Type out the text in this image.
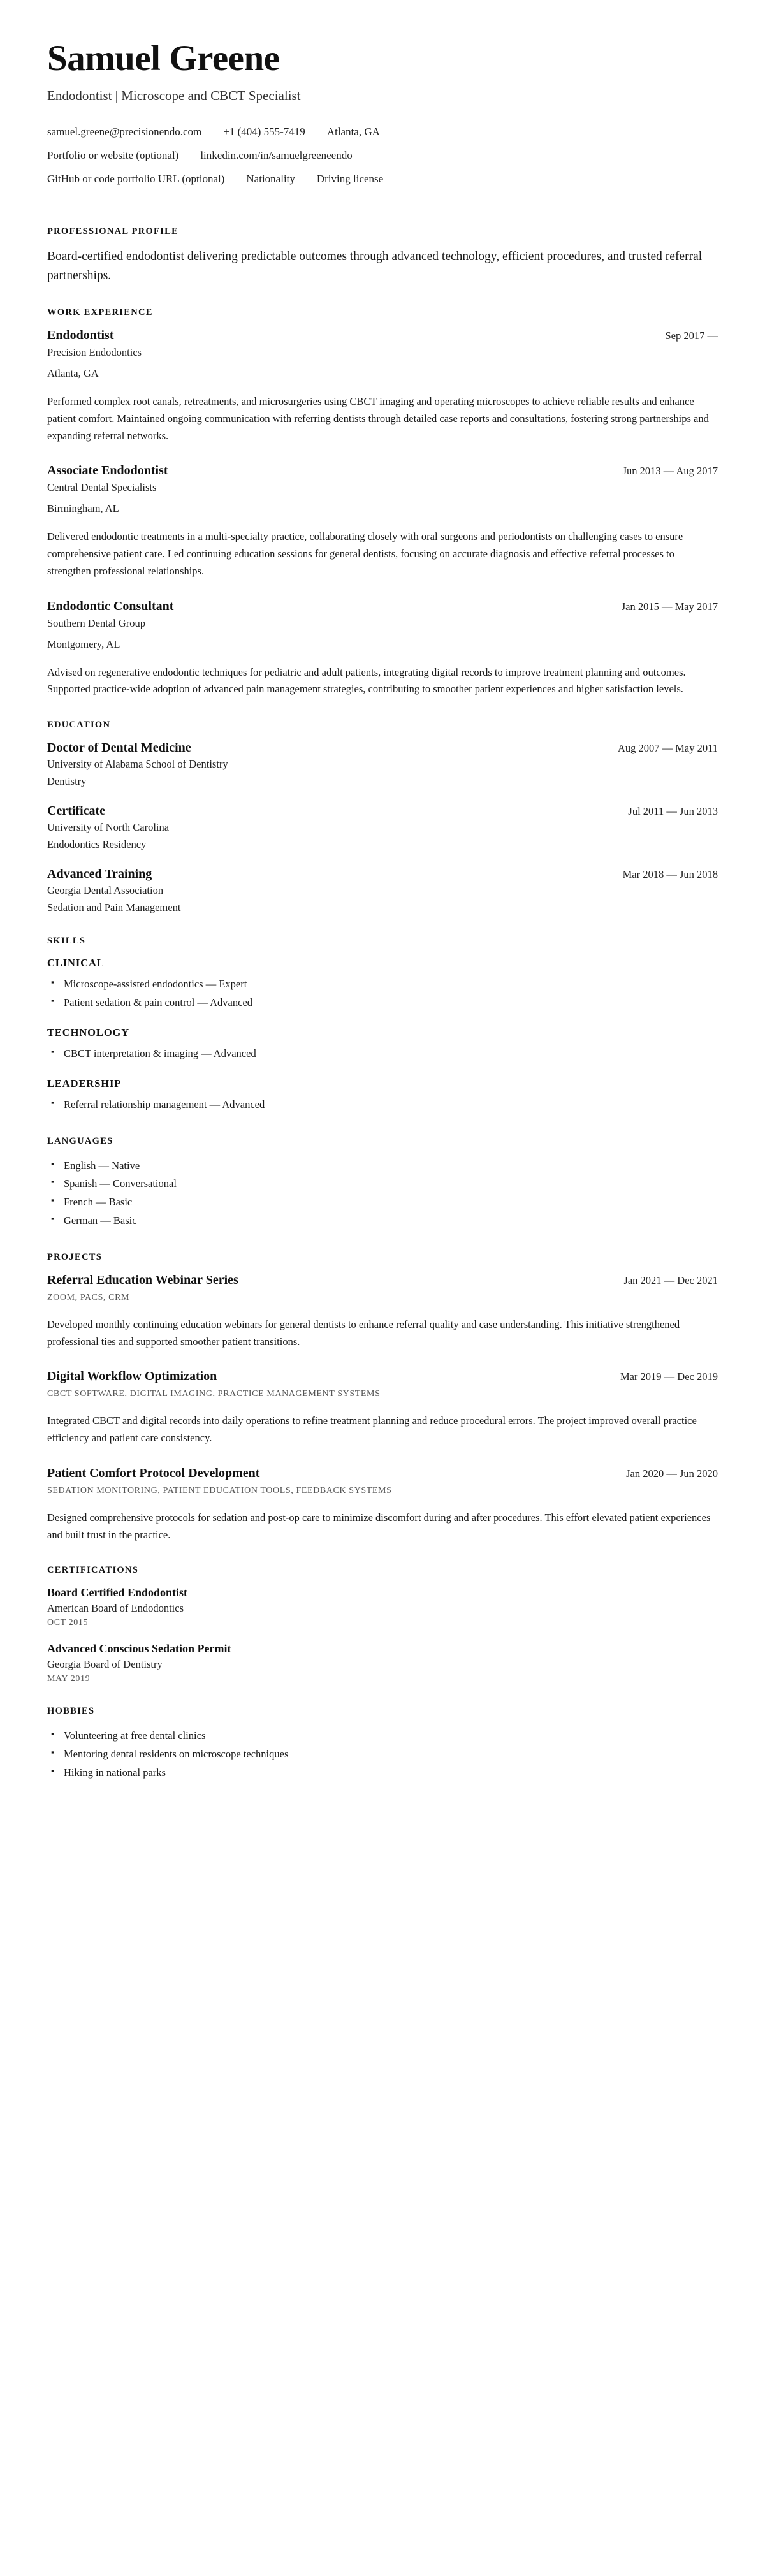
Samuel Greene
Endodontist | Microscope and CBCT Specialist
samuel.greene@precisionendo.com +1 (404) 555-7419 Atlanta, GA
Portfolio or website (optional) linkedin.com/in/samuelgreeneendo
GitHub or code portfolio URL (optional) Nationality Driving license
PROFESSIONAL PROFILE

Board-certified endodontist delivering predictable outcomes through advanced technology, efficient procedures, and trusted referral partnerships.

WORK EXPERIENCE
Endodontist	Sep 2017 —
Precision Endodontics
Atlanta, GA
Performed complex root canals, retreatments, and microsurgeries using CBCT imaging and operating microscopes to achieve reliable results and enhance patient comfort. Maintained ongoing communication with referring dentists through detailed case reports and consultations, fostering strong partnerships and expanding referral networks.
Associate Endodontist	Jun 2013 — Aug 2017
Central Dental Specialists
Birmingham, AL
Delivered endodontic treatments in a multi-specialty practice, collaborating closely with oral surgeons and periodontists on challenging cases to ensure comprehensive patient care. Led continuing education sessions for general dentists, focusing on accurate diagnosis and effective referral processes to strengthen professional relationships.
Endodontic Consultant	Jan 2015 — May 2017
Southern Dental Group
Montgomery, AL
Advised on regenerative endodontic techniques for pediatric and adult patients, integrating digital records to improve treatment planning and outcomes. Supported practice-wide adoption of advanced pain management strategies, contributing to smoother patient experiences and higher satisfaction levels.
EDUCATION
Doctor of Dental Medicine	Aug 2007 — May 2011
University of Alabama School of Dentistry
Dentistry
Certificate	Jul 2011 — Jun 2013
University of North Carolina
Endodontics Residency
Advanced Training	Mar 2018 — Jun 2018
Georgia Dental Association
Sedation and Pain Management
SKILLS
CLINICAL
▪ Microscope-assisted endodontics — Expert
▪ Patient sedation & pain control — Advanced
TECHNOLOGY
▪ CBCT interpretation & imaging — Advanced
LEADERSHIP
▪ Referral relationship management — Advanced
LANGUAGES
▪ English — Native
▪ Spanish — Conversational
▪ French — Basic
▪ German — Basic
PROJECTS
Referral Education Webinar Series	Jan 2021 — Dec 2021
ZOOM, PACS, CRM
Developed monthly continuing education webinars for general dentists to enhance referral quality and case understanding. This initiative strengthened professional ties and supported smoother patient transitions.
Digital Workflow Optimization	Mar 2019 — Dec 2019
CBCT SOFTWARE, DIGITAL IMAGING, PRACTICE MANAGEMENT SYSTEMS
Integrated CBCT and digital records into daily operations to refine treatment planning and reduce procedural errors. The project improved overall practice efficiency and patient care consistency.
Patient Comfort Protocol Development	Jan 2020 — Jun 2020
SEDATION MONITORING, PATIENT EDUCATION TOOLS, FEEDBACK SYSTEMS
Designed comprehensive protocols for sedation and post-op care to minimize discomfort during and after procedures. This effort elevated patient experiences and built trust in the practice.
CERTIFICATIONS
Board Certified Endodontist
American Board of Endodontics
OCT 2015
Advanced Conscious Sedation Permit
Georgia Board of Dentistry
MAY 2019
HOBBIES
▪ Volunteering at free dental clinics
▪ Mentoring dental residents on microscope techniques
▪ Hiking in national parks
